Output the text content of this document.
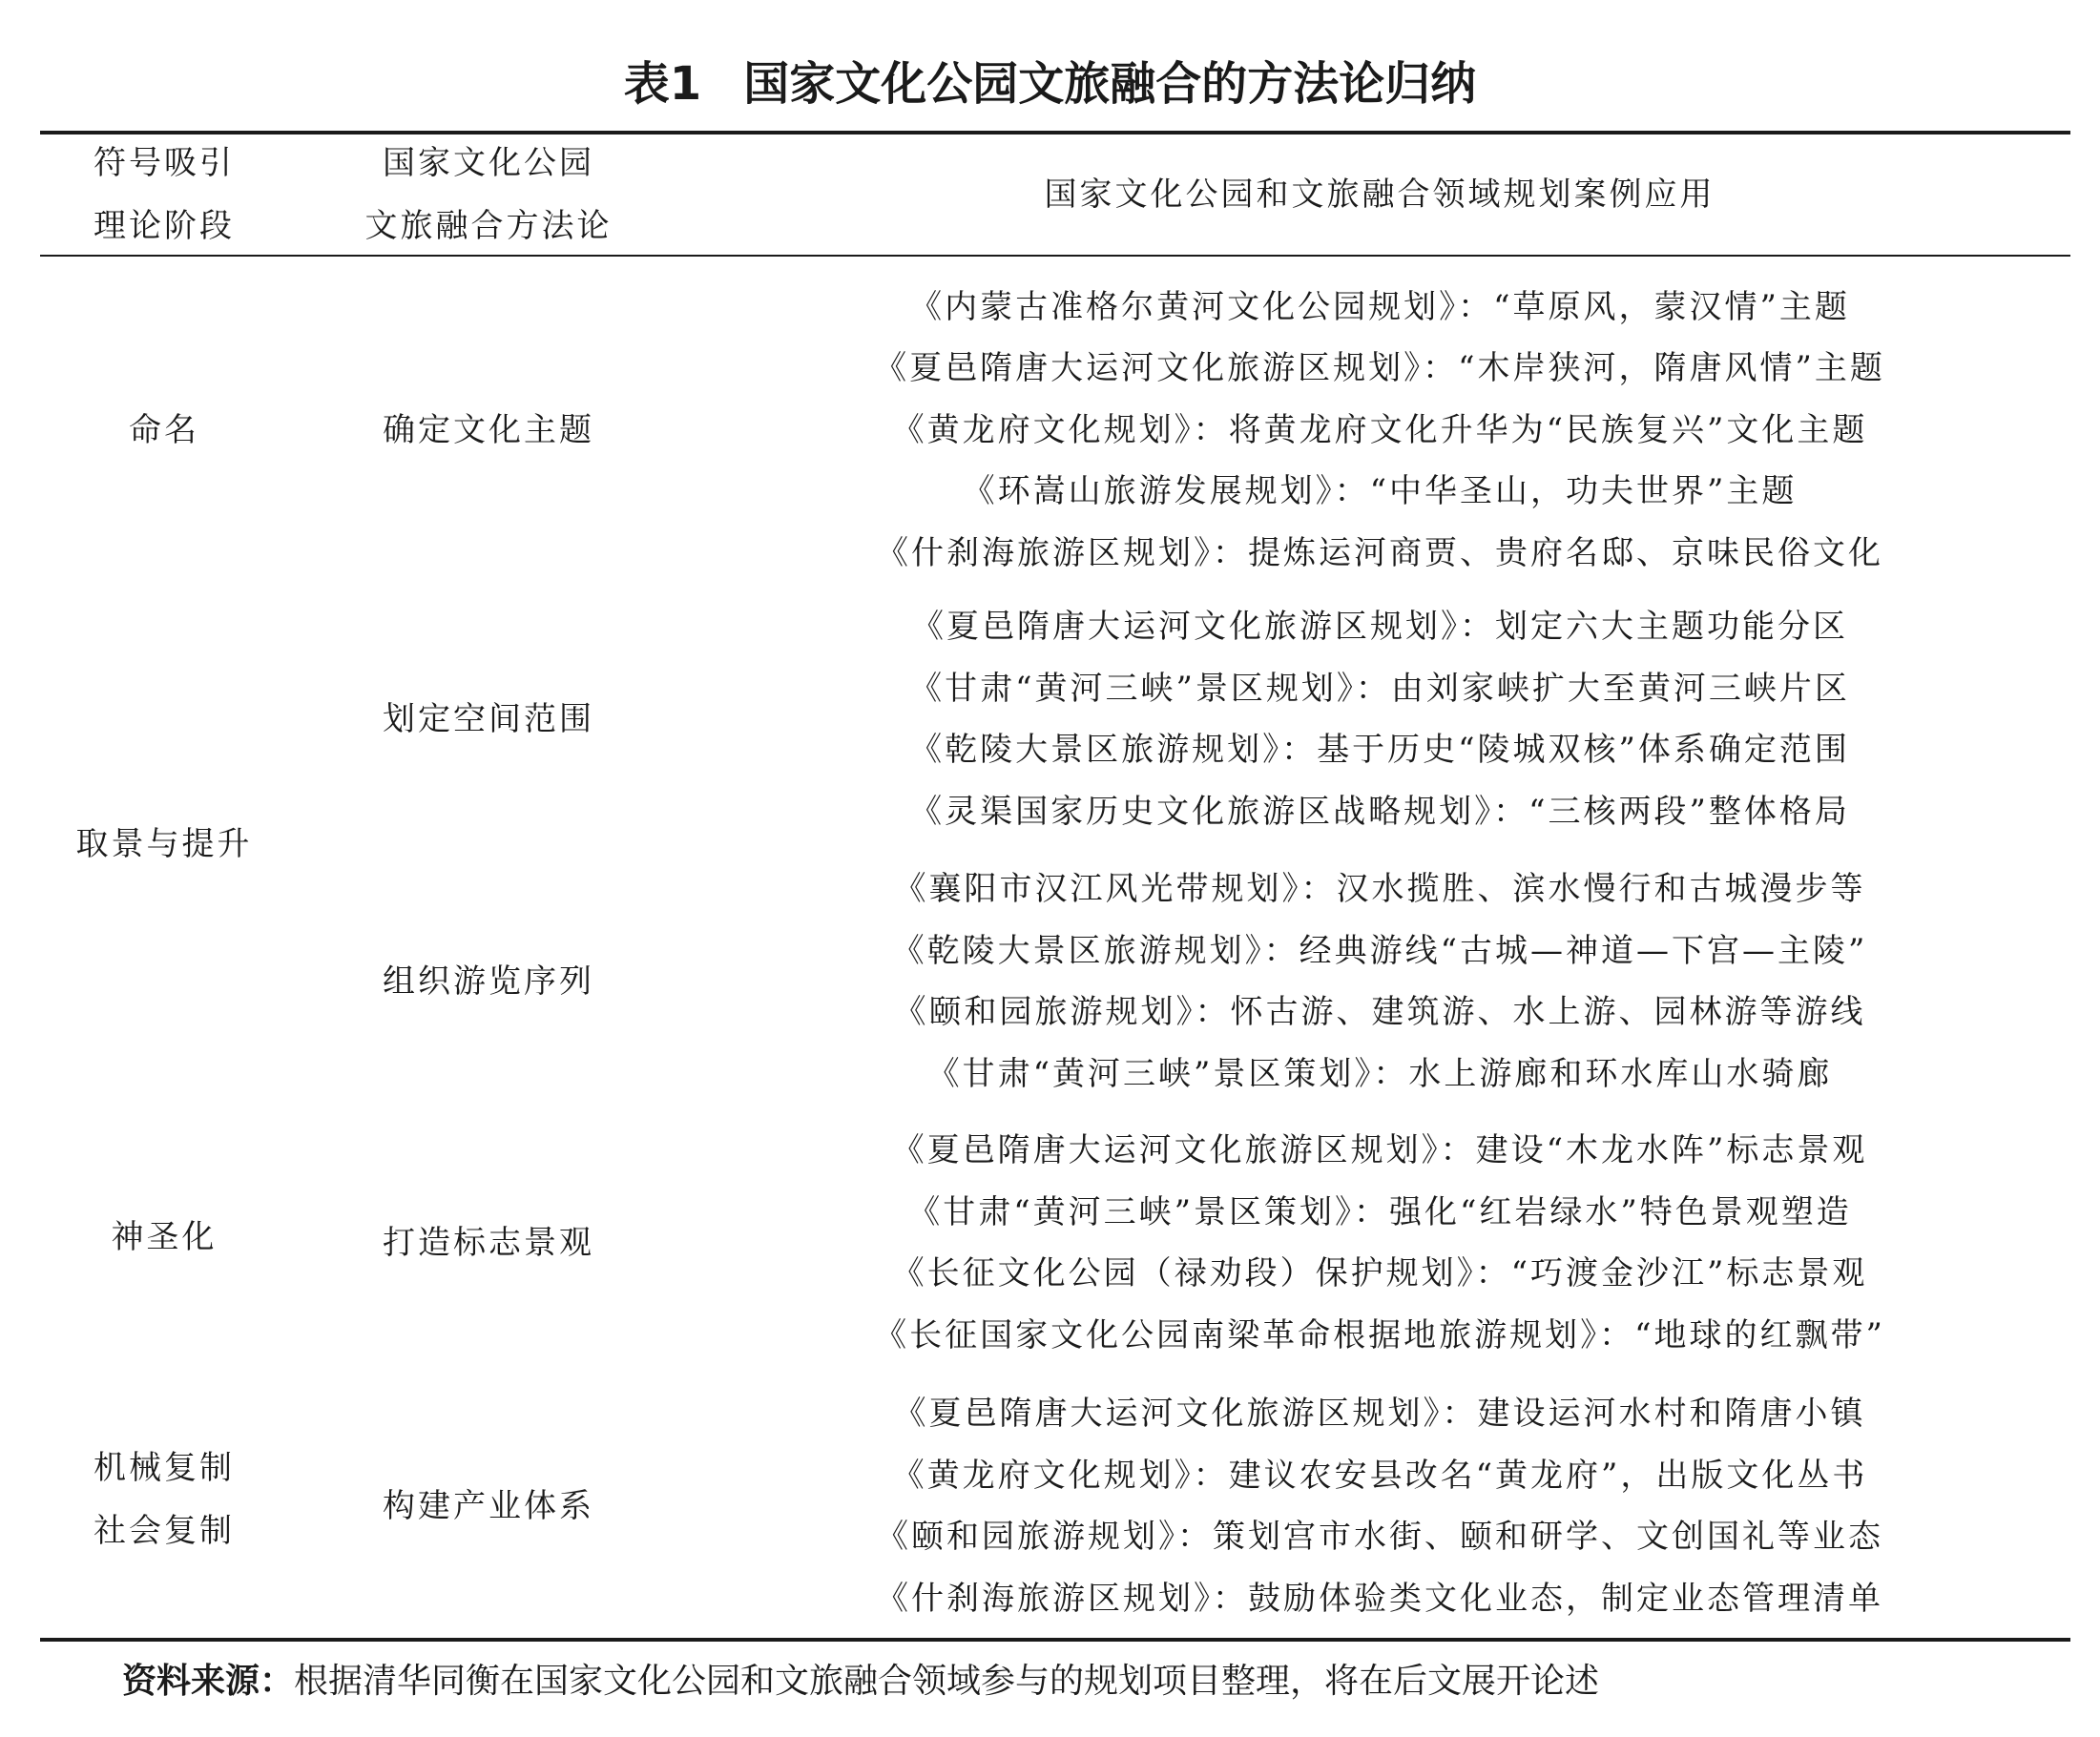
表1 国家文化公园文旅融合的方法论归纳
符号吸引
理论阶段
国家文化公园
文旅融合方法论
国家文化公园和文旅融合领域规划案例应用
命名
取景与提升
神圣化
机械复制
社会复制
确定文化主题
《内蒙古准格尔黄河文化公园规划》：“草原风，蒙汉情”主题
《夏邑隋唐大运河文化旅游区规划》：“木岸狭河，隋唐风情”主题
《黄龙府文化规划》：将黄龙府文化升华为“民族复兴”文化主题
《环嵩山旅游发展规划》：“中华圣山，功夫世界”主题
《什刹海旅游区规划》：提炼运河商贾、贵府名邸、京味民俗文化
划定空间范围
《夏邑隋唐大运河文化旅游区规划》：划定六大主题功能分区
《甘肃“黄河三峡”景区规划》：由刘家峡扩大至黄河三峡片区
《乾陵大景区旅游规划》：基于历史“陵城双核”体系确定范围
《灵渠国家历史文化旅游区战略规划》：“三核两段”整体格局
组织游览序列
《襄阳市汉江风光带规划》：汉水揽胜、滨水慢行和古城漫步等
《乾陵大景区旅游规划》：经典游线“古城—神道—下宫—主陵”
《颐和园旅游规划》：怀古游、建筑游、水上游、园林游等游线
《甘肃“黄河三峡”景区策划》：水上游廊和环水库山水骑廊
打造标志景观
《夏邑隋唐大运河文化旅游区规划》：建设“木龙水阵”标志景观
《甘肃“黄河三峡”景区策划》：强化“红岩绿水”特色景观塑造
《长征文化公园（禄劝段）保护规划》：“巧渡金沙江”标志景观
《长征国家文化公园南梁革命根据地旅游规划》：“地球的红飘带”
构建产业体系
《夏邑隋唐大运河文化旅游区规划》：建设运河水村和隋唐小镇
《黄龙府文化规划》：建议农安县改名“黄龙府”，出版文化丛书
《颐和园旅游规划》：策划宫市水街、颐和研学、文创国礼等业态
《什刹海旅游区规划》：鼓励体验类文化业态，制定业态管理清单
资料来源：根据清华同衡在国家文化公园和文旅融合领域参与的规划项目整理，将在后文展开论述
